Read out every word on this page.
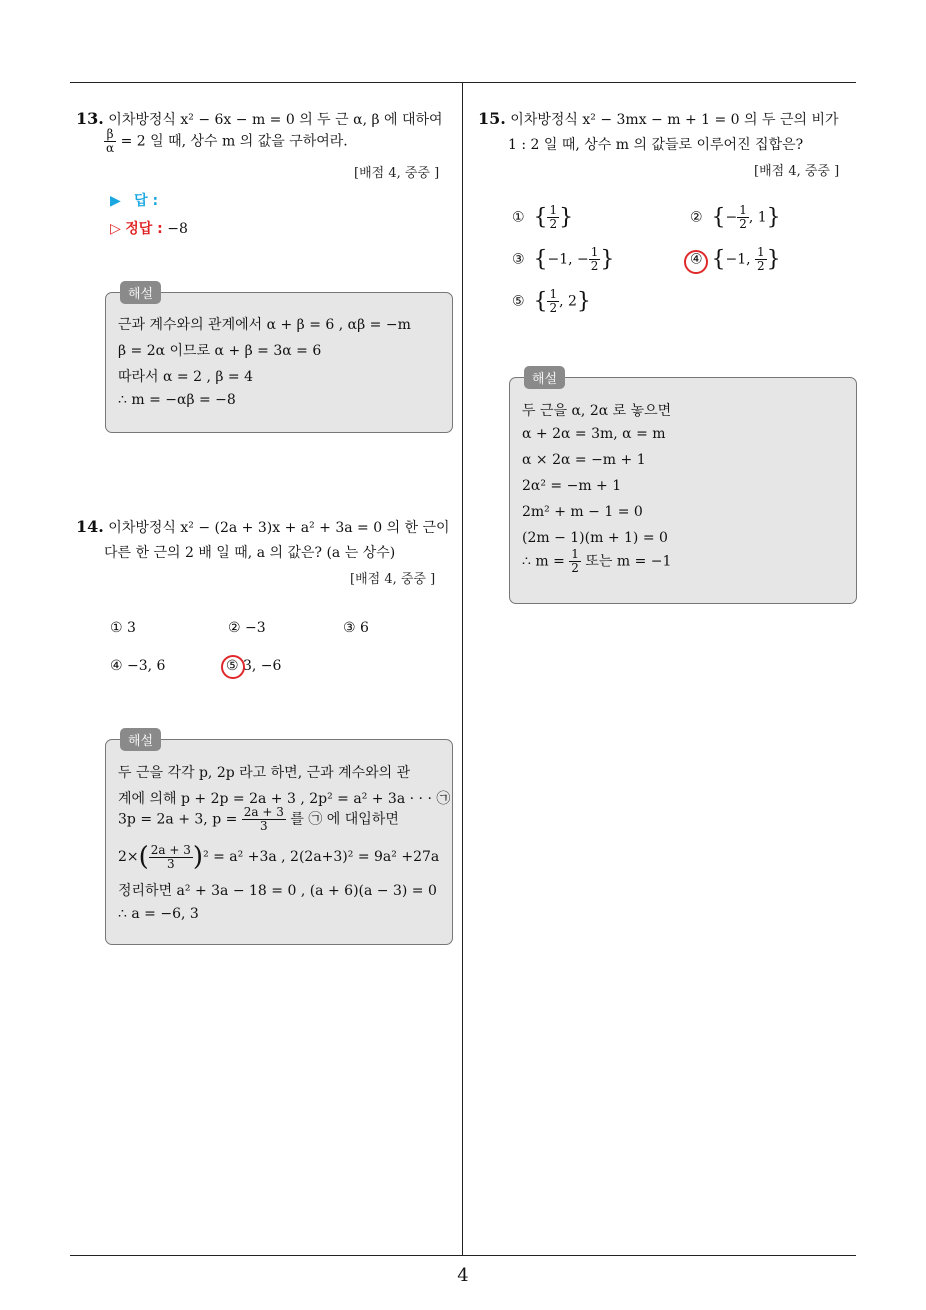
4
13. 이차방정식 x² − 6x − m = 0 의 두 근 α, β 에 대하여
$\frac{\beta}{\alpha} = 2$ 일 때, 상수 m 의 값을 구하여라.
[배점 4, 중중 ]
▶ 답 :
▷ 정답 : −8
해설
근과 계수와의 관계에서 α + β = 6 , αβ = −m
β = 2α 이므로 α + β = 3α = 6
따라서 α = 2 , β = 4
∴ m = −αβ = −8
14. 이차방정식 x² − (2a + 3)x + a² + 3a = 0 의 한 근이
다른 한 근의 2 배 일 때, a 의 값은? (a 는 상수)
[배점 4, 중중 ]
① 3	② −3	③ 6
④ −3, 6	⑤ 3, −6
해설
두 근을 각각 p, 2p 라고 하면, 근과 계수와의 관
계에 의해 p + 2p = 2a + 3 , 2p² = a² + 3a · · · ㉠
3p = 2a + 3, $p = \frac{2a + 3}{3}$ 를 ㉠ 에 대입하면
$2\times( \frac{2a + 3}{3} )^2 = a^2 +3a$ , 2(2a+3)² = 9a² +27a
정리하면 a² + 3a − 18 = 0 , (a + 6)(a − 3) = 0
∴ a = −6, 3
15. 이차방정식 x² − 3mx − m + 1 = 0 의 두 근의 비가
1 : 2 일 때, 상수 m 의 값들로 이루어진 집합은?
[배점 4, 중중 ]
① { $\frac{1}{2}$ }	② {− $\frac{1}{2}$ , 1}
③ {−1, − $\frac{1}{2}$ }	④ {−1, $\frac{1}{2}$ }
⑤ { $\frac{1}{2}$ , 2}
해설
두 근을 α, 2α 로 놓으면
α + 2α = 3m, α = m
α × 2α = −m + 1
2α² = −m + 1
2m² + m − 1 = 0
(2m − 1)(m + 1) = 0
∴ $m = \frac{1}{2}$ 또는 m = −1
